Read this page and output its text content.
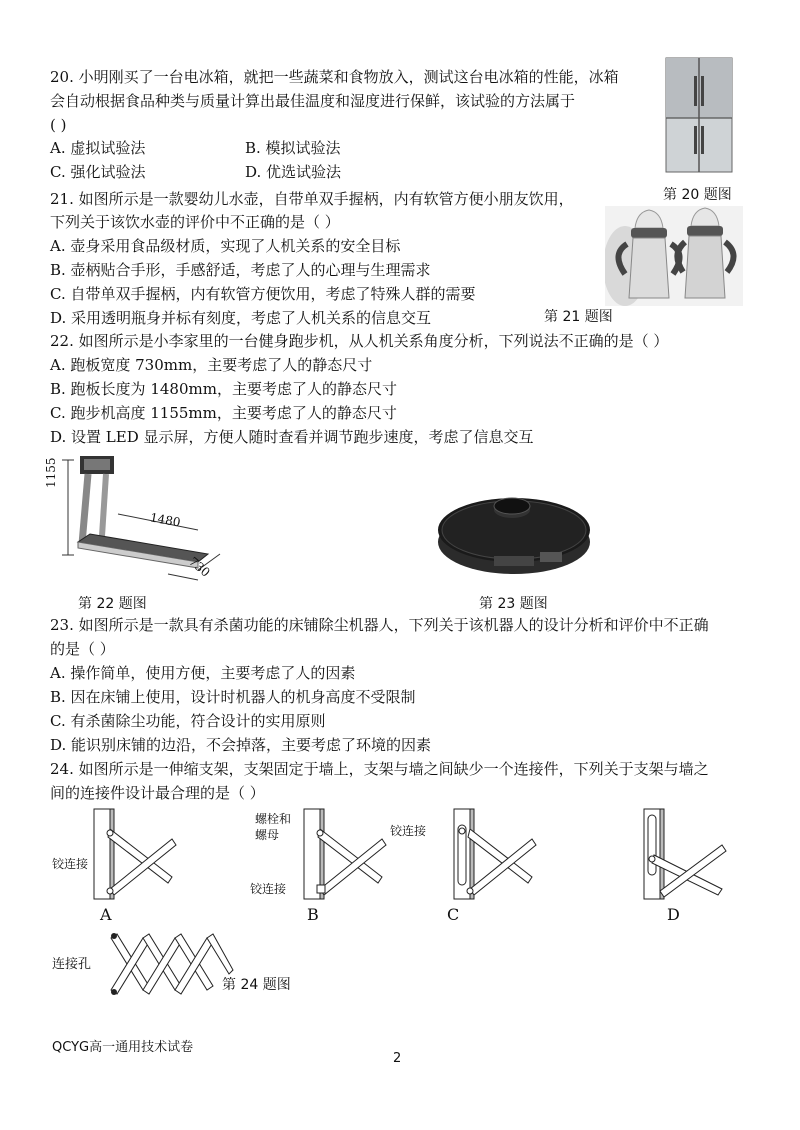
20. 小明刚买了一台电冰箱，就把一些蔬菜和食物放入，测试这台电冰箱的性能，冰箱
会自动根据食品种类与质量计算出最佳温度和湿度进行保鲜，该试验的方法属于
( )
A. 虚拟试验法	B. 模拟试验法
C. 强化试验法	D. 优选试验法
第 20 题图
21. 如图所示是一款婴幼儿水壶，自带单双手握柄，内有软管方便小朋友饮用，
下列关于该饮水壶的评价中不正确的是（ ）
A. 壶身采用食品级材质，实现了人机关系的安全目标
B. 壶柄贴合手形，手感舒适，考虑了人的心理与生理需求
C. 自带单双手握柄，内有软管方便饮用，考虑了特殊人群的需要
D. 采用透明瓶身并标有刻度，考虑了人机关系的信息交互	第 21 题图
22. 如图所示是小李家里的一台健身跑步机，从人机关系角度分析，下列说法不正确的是（ ）
A. 跑板宽度 730mm，主要考虑了人的静态尺寸
B. 跑板长度为 1480mm，主要考虑了人的静态尺寸
C. 跑步机高度 1155mm，主要考虑了人的静态尺寸
D. 设置 LED 显示屏，方便人随时查看并调节跑步速度，考虑了信息交互
1155
1480
730
第 22 题图	第 23 题图
23. 如图所示是一款具有杀菌功能的床铺除尘机器人，下列关于该机器人的设计分析和评价中不正确
的是（ ）
A. 操作简单，使用方便，主要考虑了人的因素
B. 因在床铺上使用，设计时机器人的机身高度不受限制
C. 有杀菌除尘功能，符合设计的实用原则
D. 能识别床铺的边沿，不会掉落，主要考虑了环境的因素
24. 如图所示是一伸缩支架，支架固定于墙上，支架与墙之间缺少一个连接件，下列关于支架与墙之
间的连接件设计最合理的是（ ）
铰连接
A
螺栓和
螺母
铰连接
B
铰连接
C	D
连接孔
第 24 题图
QCYG高一通用技术试卷
2
